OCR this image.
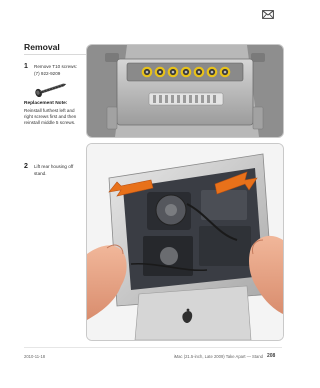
Removal
1 Remove T10 screws:
(7) 922-9209
Replacement Note:
Reinstall furthest left and
right screws first and then
reinstall middle 5 screws.
2 Lift rear housing off
stand.
2010-11-18	iMac (21.5-inch, Late 2009) Take Apart — Stand 208
